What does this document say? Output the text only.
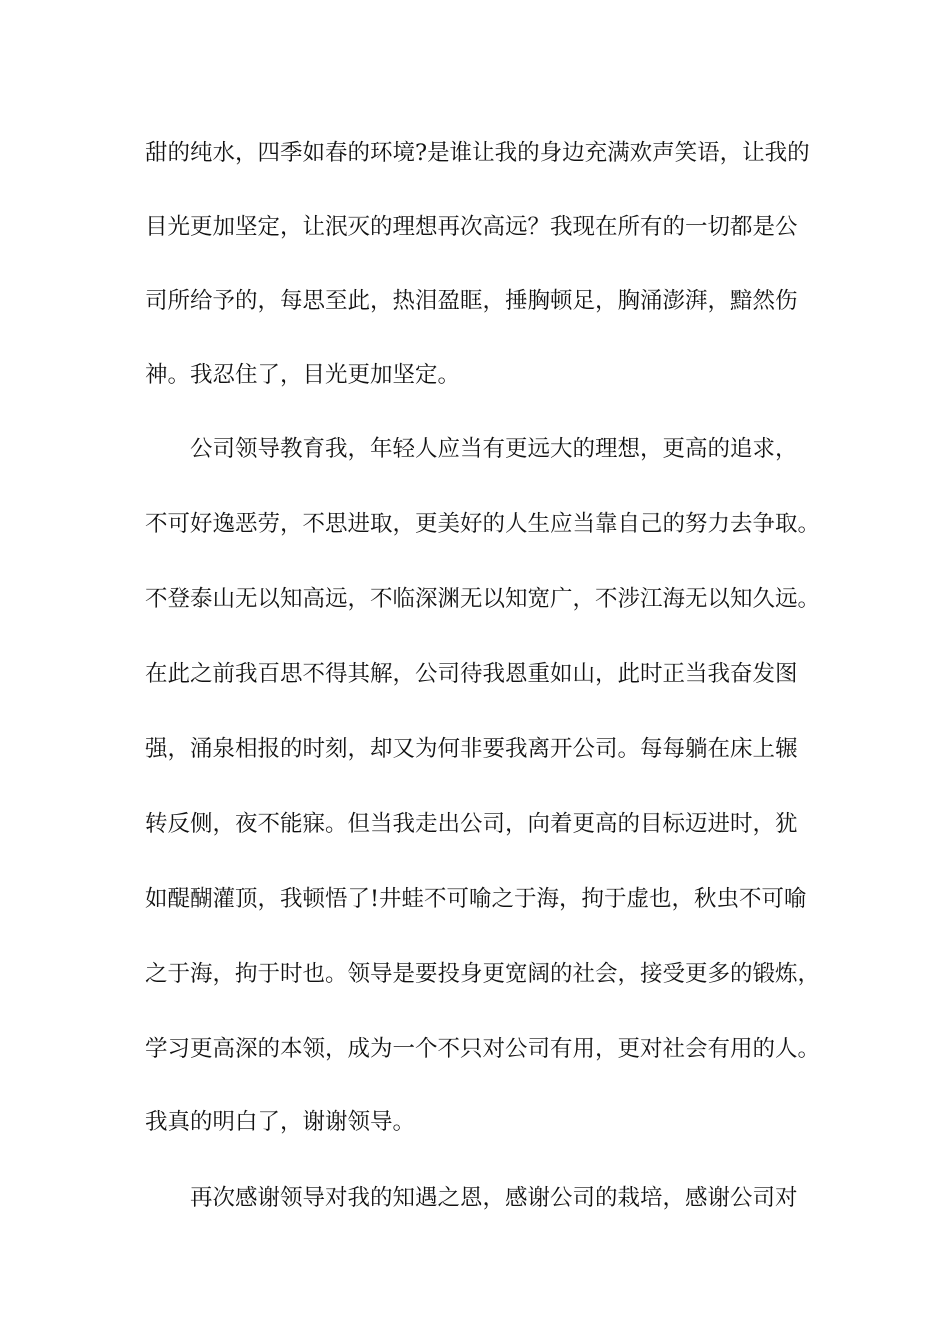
甜的纯水，四季如春的环境?是谁让我的身边充满欢声笑语，让我的
目光更加坚定，让泯灭的理想再次高远？我现在所有的一切都是公
司所给予的，每思至此，热泪盈眶，捶胸顿足，胸涌澎湃，黯然伤
神。我忍住了，目光更加坚定。
公司领导教育我，年轻人应当有更远大的理想，更高的追求，
不可好逸恶劳，不思进取，更美好的人生应当靠自己的努力去争取。
不登泰山无以知高远，不临深渊无以知宽广，不涉江海无以知久远。
在此之前我百思不得其解，公司待我恩重如山，此时正当我奋发图
强，涌泉相报的时刻，却又为何非要我离开公司。每每躺在床上辗
转反侧，夜不能寐。但当我走出公司，向着更高的目标迈进时，犹
如醍醐灌顶，我顿悟了!井蛙不可喻之于海，拘于虚也，秋虫不可喻
之于海，拘于时也。领导是要投身更宽阔的社会，接受更多的锻炼，
学习更高深的本领，成为一个不只对公司有用，更对社会有用的人。
我真的明白了，谢谢领导。
再次感谢领导对我的知遇之恩，感谢公司的栽培，感谢公司对
